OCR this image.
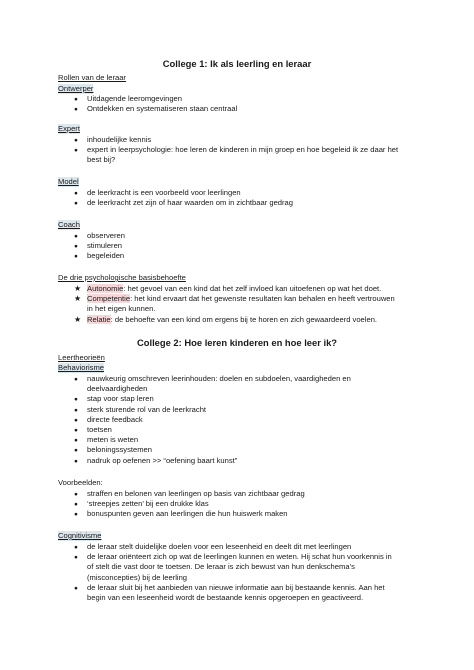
College 1: Ik als leerling en leraar
Rollen van de leraar
Ontwerper
●
Uitdagende leeromgevingen
●
Ontdekken en systematiseren staan centraal
Expert
●
inhoudelijke kennis
●
expert in leerpsychologie: hoe leren de kinderen in mijn groep en hoe begeleid ik ze daar het
best bij?
Model
●
de leerkracht is een voorbeeld voor leerlingen
●
de leerkracht zet zijn of haar waarden om in zichtbaar gedrag
Coach
●
observeren
●
stimuleren
●
begeleiden
De drie psychologische basisbehoefte
★
Autonomie: het gevoel van een kind dat het zelf invloed kan uitoefenen op wat het doet.
★
Competentie: het kind ervaart dat het gewenste resultaten kan behalen en heeft vertrouwen
in het eigen kunnen.
★
Relatie: de behoefte van een kind om ergens bij te horen en zich gewaardeerd voelen.
College 2: Hoe leren kinderen en hoe leer ik?
Leertheorieën
Behaviorisme
●
nauwkeurig omschreven leerinhouden: doelen en subdoelen, vaardigheden en
deelvaardigheden
●
stap voor stap leren
●
sterk sturende rol van de leerkracht
●
directe feedback
●
toetsen
●
meten is weten
●
beloningssystemen
●
nadruk op oefenen >> “oefening baart kunst”
Voorbeelden:
●
straffen en belonen van leerlingen op basis van zichtbaar gedrag
●
‘streepjes zetten’ bij een drukke klas
●
bonuspunten geven aan leerlingen die hun huiswerk maken
Cognitivisme
●
de leraar stelt duidelijke doelen voor een leseenheid en deelt dit met leerlingen
●
de leraar oriënteert zich op wat de leerlingen kunnen en weten. Hij schat hun voorkennis in
of stelt die vast door te toetsen. De leraar is zich bewust van hun denkschema’s
(misconcepties) bij de leerling
●
de leraar sluit bij het aanbieden van nieuwe informatie aan bij bestaande kennis. Aan het
begin van een leseenheid wordt de bestaande kennis opgeroepen en geactiveerd.
